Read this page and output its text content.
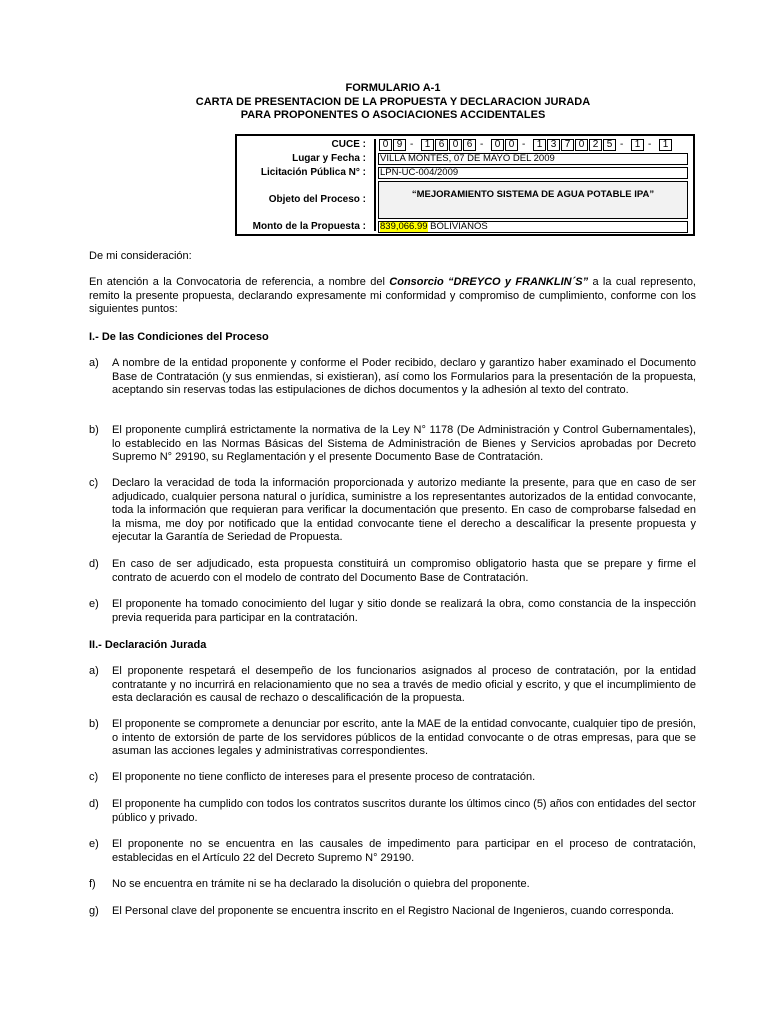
FORMULARIO A-1
CARTA DE PRESENTACION DE LA PROPUESTA Y DECLARACION JURADA
PARA PROPONENTES O ASOCIACIONES ACCIDENTALES
CUCE :	0 9 -	1 6 0 6 -	0 0 -	1 3 7 0 2 5 -	1 -	1
Lugar y Fecha : VILLA MONTES, 07 DE MAYO DEL 2009
Licitación Pública N° : LPN-UC-004/2009
Objeto del Proceso :	“MEJORAMIENTO SISTEMA DE AGUA POTABLE IPA”
Monto de la Propuesta : 839,066.99 BOLIVIANOS
De mi consideración:
En atención a la Convocatoria de referencia, a nombre del Consorcio “DREYCO y FRANKLIN´S” a la cual represento, remito la presente propuesta, declarando expresamente mi conformidad y compromiso de cumplimiento, conforme con los siguientes puntos:
I.- De las Condiciones del Proceso
a) A nombre de la entidad proponente y conforme el Poder recibido, declaro y garantizo haber examinado el Documento Base de Contratación (y sus enmiendas, si existieran), así como los Formularios para la presentación de la propuesta, aceptando sin reservas todas las estipulaciones de dichos documentos y la adhesión al texto del contrato.
b) El proponente cumplirá estrictamente la normativa de la Ley N° 1178 (De Administración y Control Gubernamentales), lo establecido en las Normas Básicas del Sistema de Administración de Bienes y Servicios aprobadas por Decreto Supremo N° 29190, su Reglamentación y el presente Documento Base de Contratación.
c) Declaro la veracidad de toda la información proporcionada y autorizo mediante la presente, para que en caso de ser adjudicado, cualquier persona natural o jurídica, suministre a los representantes autorizados de la entidad convocante, toda la información que requieran para verificar la documentación que presento. En caso de comprobarse falsedad en la misma, me doy por notificado que la entidad convocante tiene el derecho a descalificar la presente propuesta y ejecutar la Garantía de Seriedad de Propuesta.
d) En caso de ser adjudicado, esta propuesta constituirá un compromiso obligatorio hasta que se prepare y firme el contrato de acuerdo con el modelo de contrato del Documento Base de Contratación.
e) El proponente ha tomado conocimiento del lugar y sitio donde se realizará la obra, como constancia de la inspección previa requerida para participar en la contratación.
II.- Declaración Jurada
a) El proponente respetará el desempeño de los funcionarios asignados al proceso de contratación, por la entidad contratante y no incurrirá en relacionamiento que no sea a través de medio oficial y escrito, y que el incumplimiento de esta declaración es causal de rechazo o descalificación de la propuesta.
b) El proponente se compromete a denunciar por escrito, ante la MAE de la entidad convocante, cualquier tipo de presión, o intento de extorsión de parte de los servidores públicos de la entidad convocante o de otras empresas, para que se asuman las acciones legales y administrativas correspondientes.
c) El proponente no tiene conflicto de intereses para el presente proceso de contratación.
d) El proponente ha cumplido con todos los contratos suscritos durante los últimos cinco (5) años con entidades del sector público y privado.
e) El proponente no se encuentra en las causales de impedimento para participar en el proceso de contratación, establecidas en el Artículo 22 del Decreto Supremo N° 29190.
f) No se encuentra en trámite ni se ha declarado la disolución o quiebra del proponente.
g) El Personal clave del proponente se encuentra inscrito en el Registro Nacional de Ingenieros, cuando corresponda.
